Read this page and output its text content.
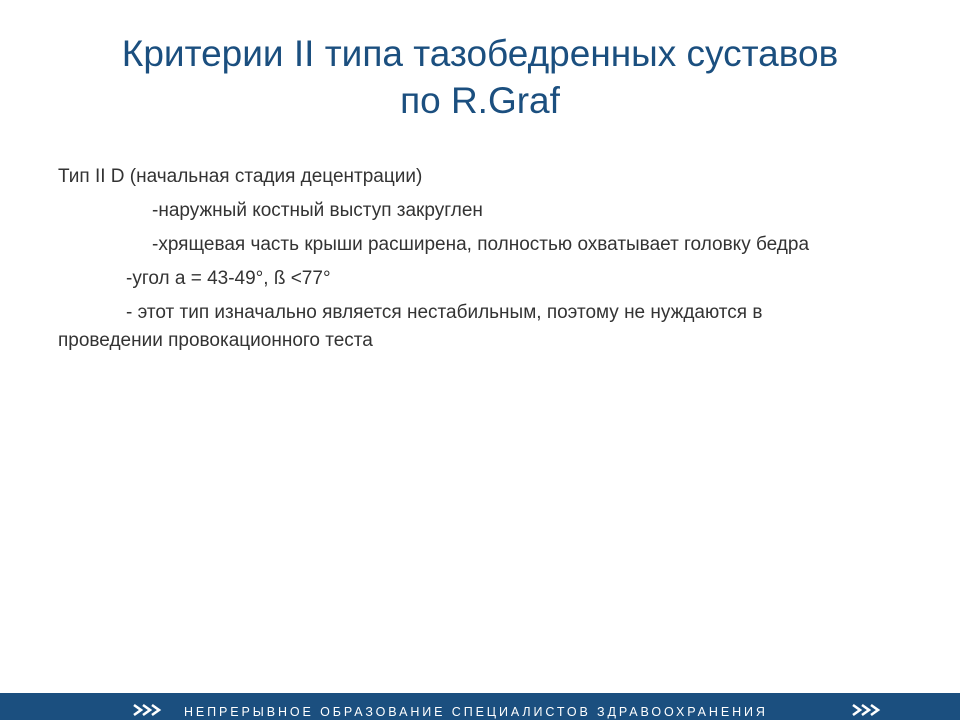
Критерии II типа тазобедренных суставов
по R.Graf

Тип II D (начальная стадия децентрации)

-наружный костный выступ закруглен

-хрящевая часть крыши расширена, полностью охватывает головку бедра

-угол a = 43-49°, ß <77°

- этот тип изначально является нестабильным, поэтому не нуждаются в проведении провокационного теста

НЕПРЕРЫВНОЕ ОБРАЗОВАНИЕ СПЕЦИАЛИСТОВ ЗДРАВООХРАНЕНИЯ
